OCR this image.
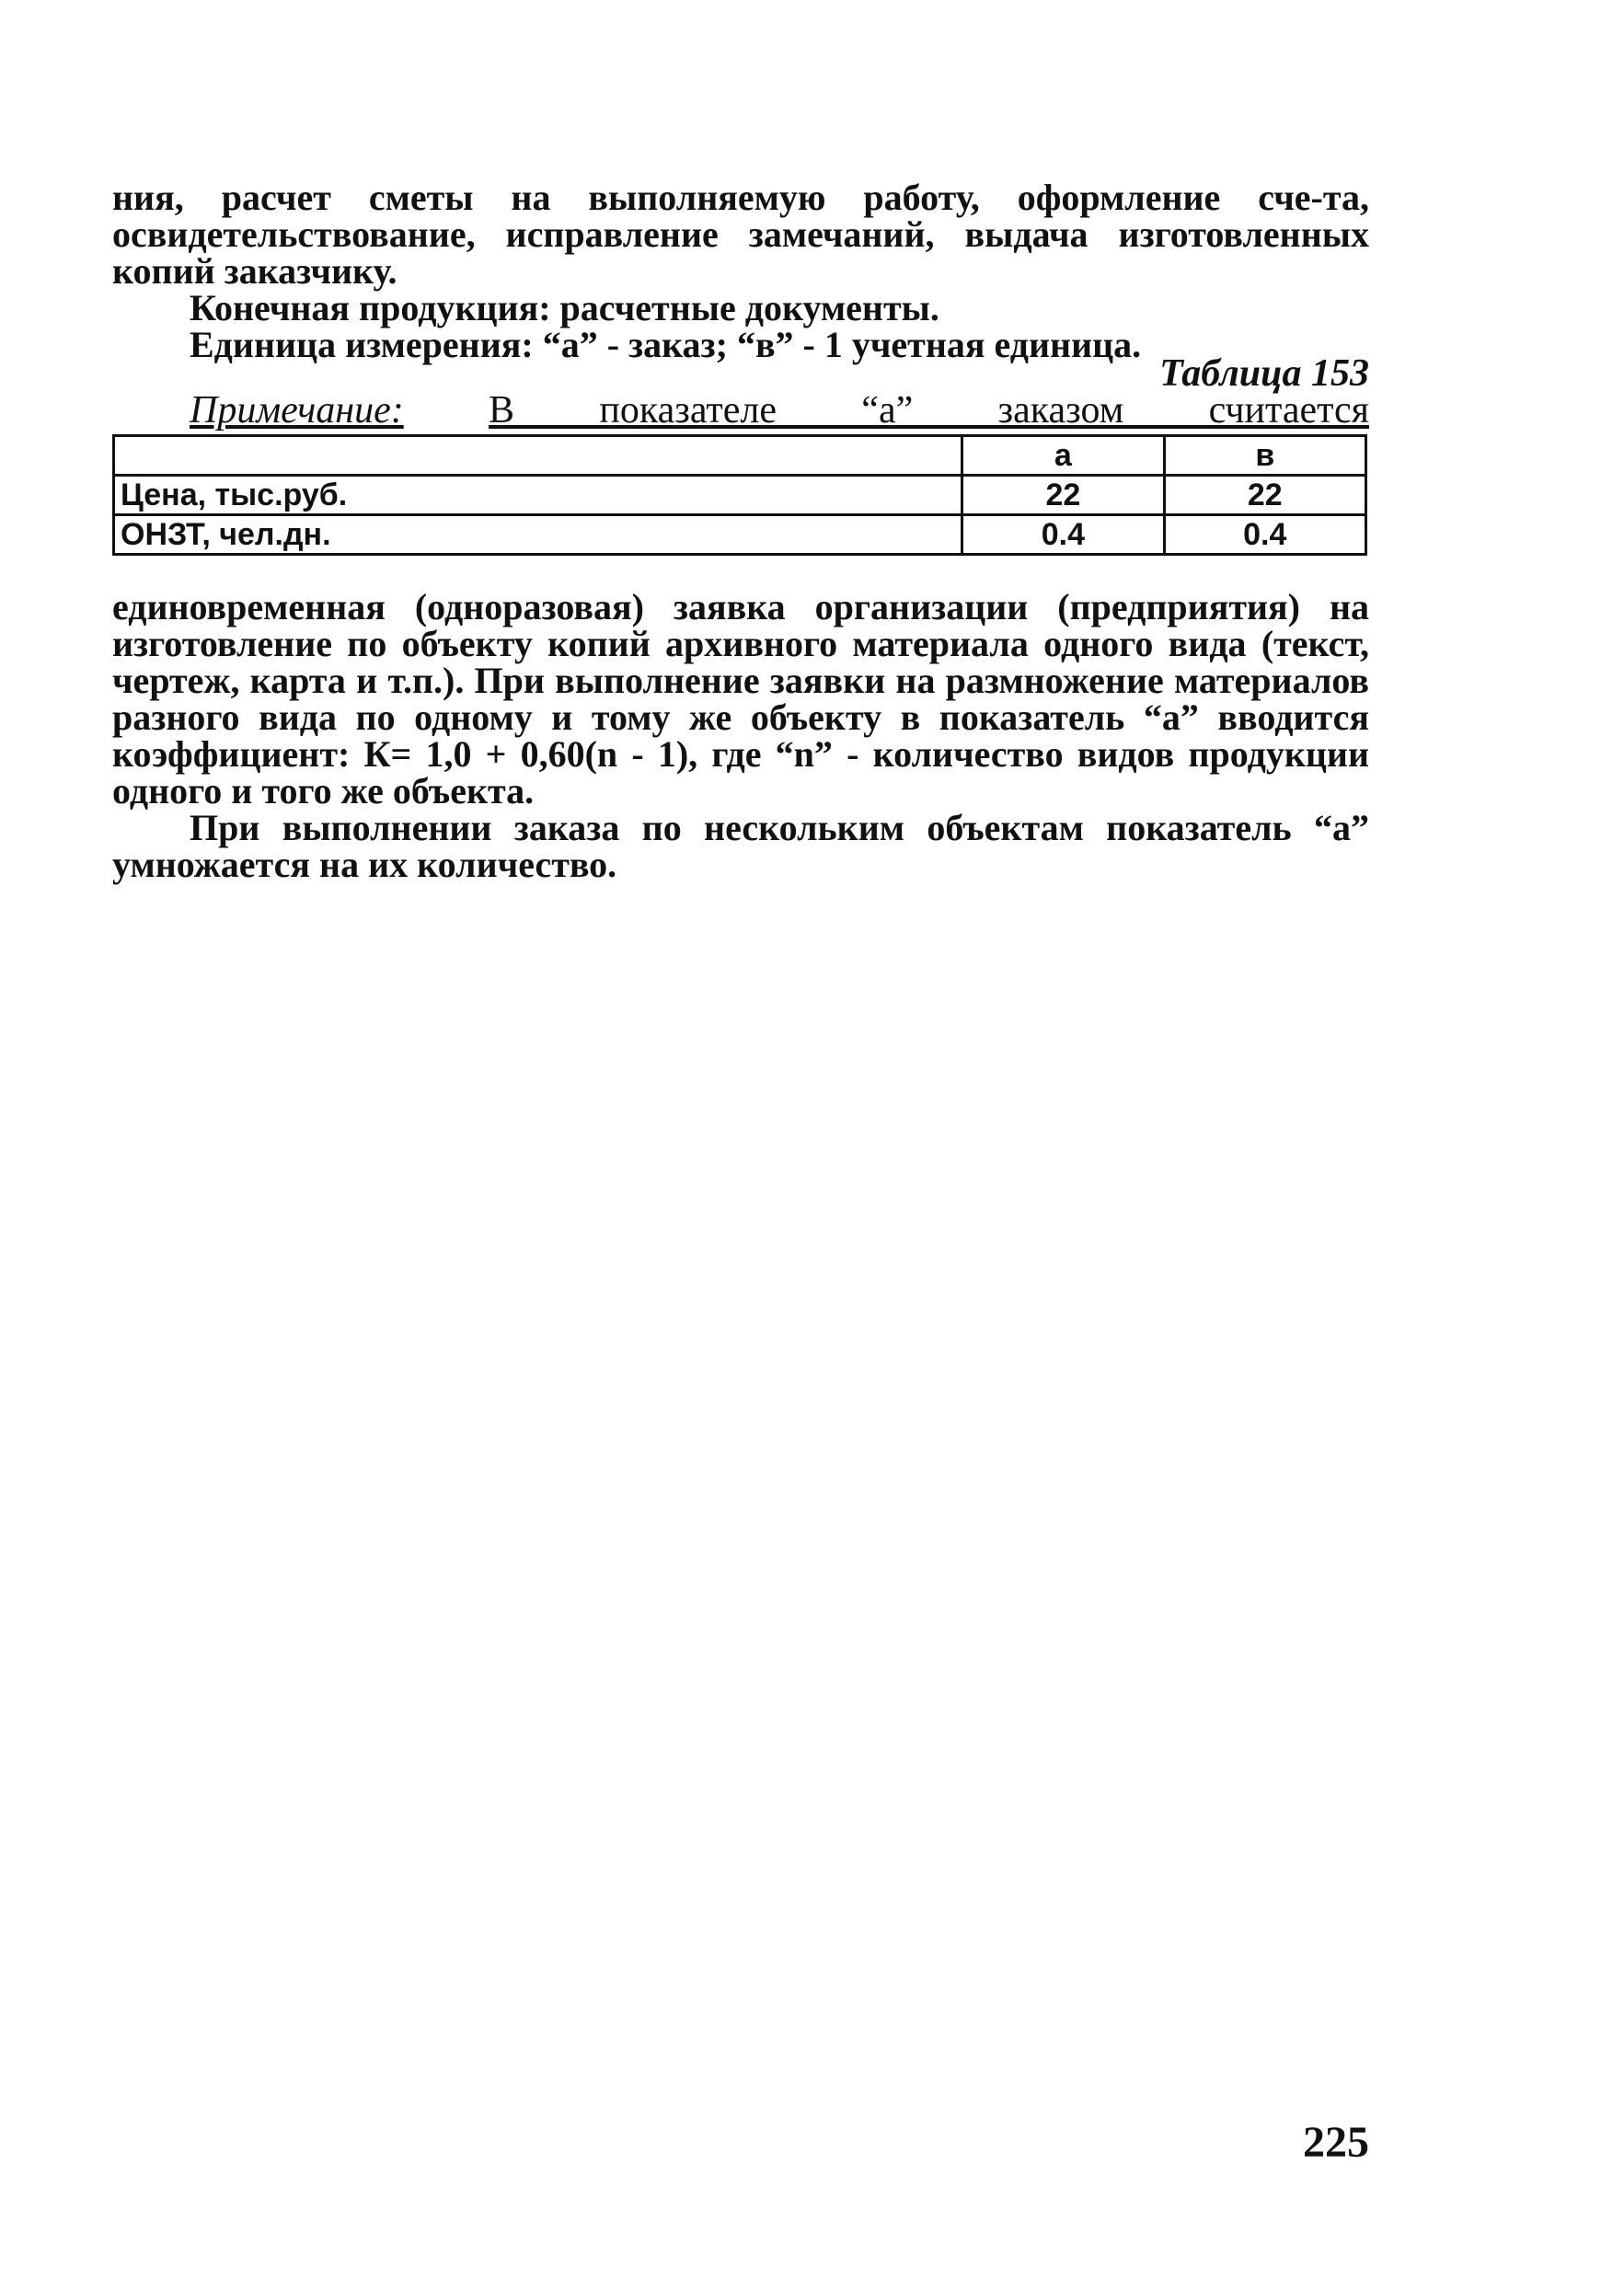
ния, расчет сметы на выполняемую работу, оформление сче-та, освидетельствование, исправление замечаний, выдача изготовленных копий заказчику.

Конечная продукция: расчетные документы.

Единица измерения: “а” - заказ; “в” - 1 учетная единица.

Таблица 153
Примечание: В показателе “а” заказом считается
	а	в
Цена, тыс.руб.	22	22
ОНЗТ, чел.дн.	0.4	0.4

единовременная (одноразовая) заявка организации (предприятия) на изготовление по объекту копий архивного материала одного вида (текст, чертеж, карта и т.п.). При выполнение заявки на размножение материалов разного вида по одному и тому же объекту в показатель “а” вводится коэффициент: К= 1,0 + 0,60(n - 1), где “n” - количество видов продукции одного и того же объекта.

При выполнении заказа по нескольким объектам показатель “а” умножается на их количество.

225
